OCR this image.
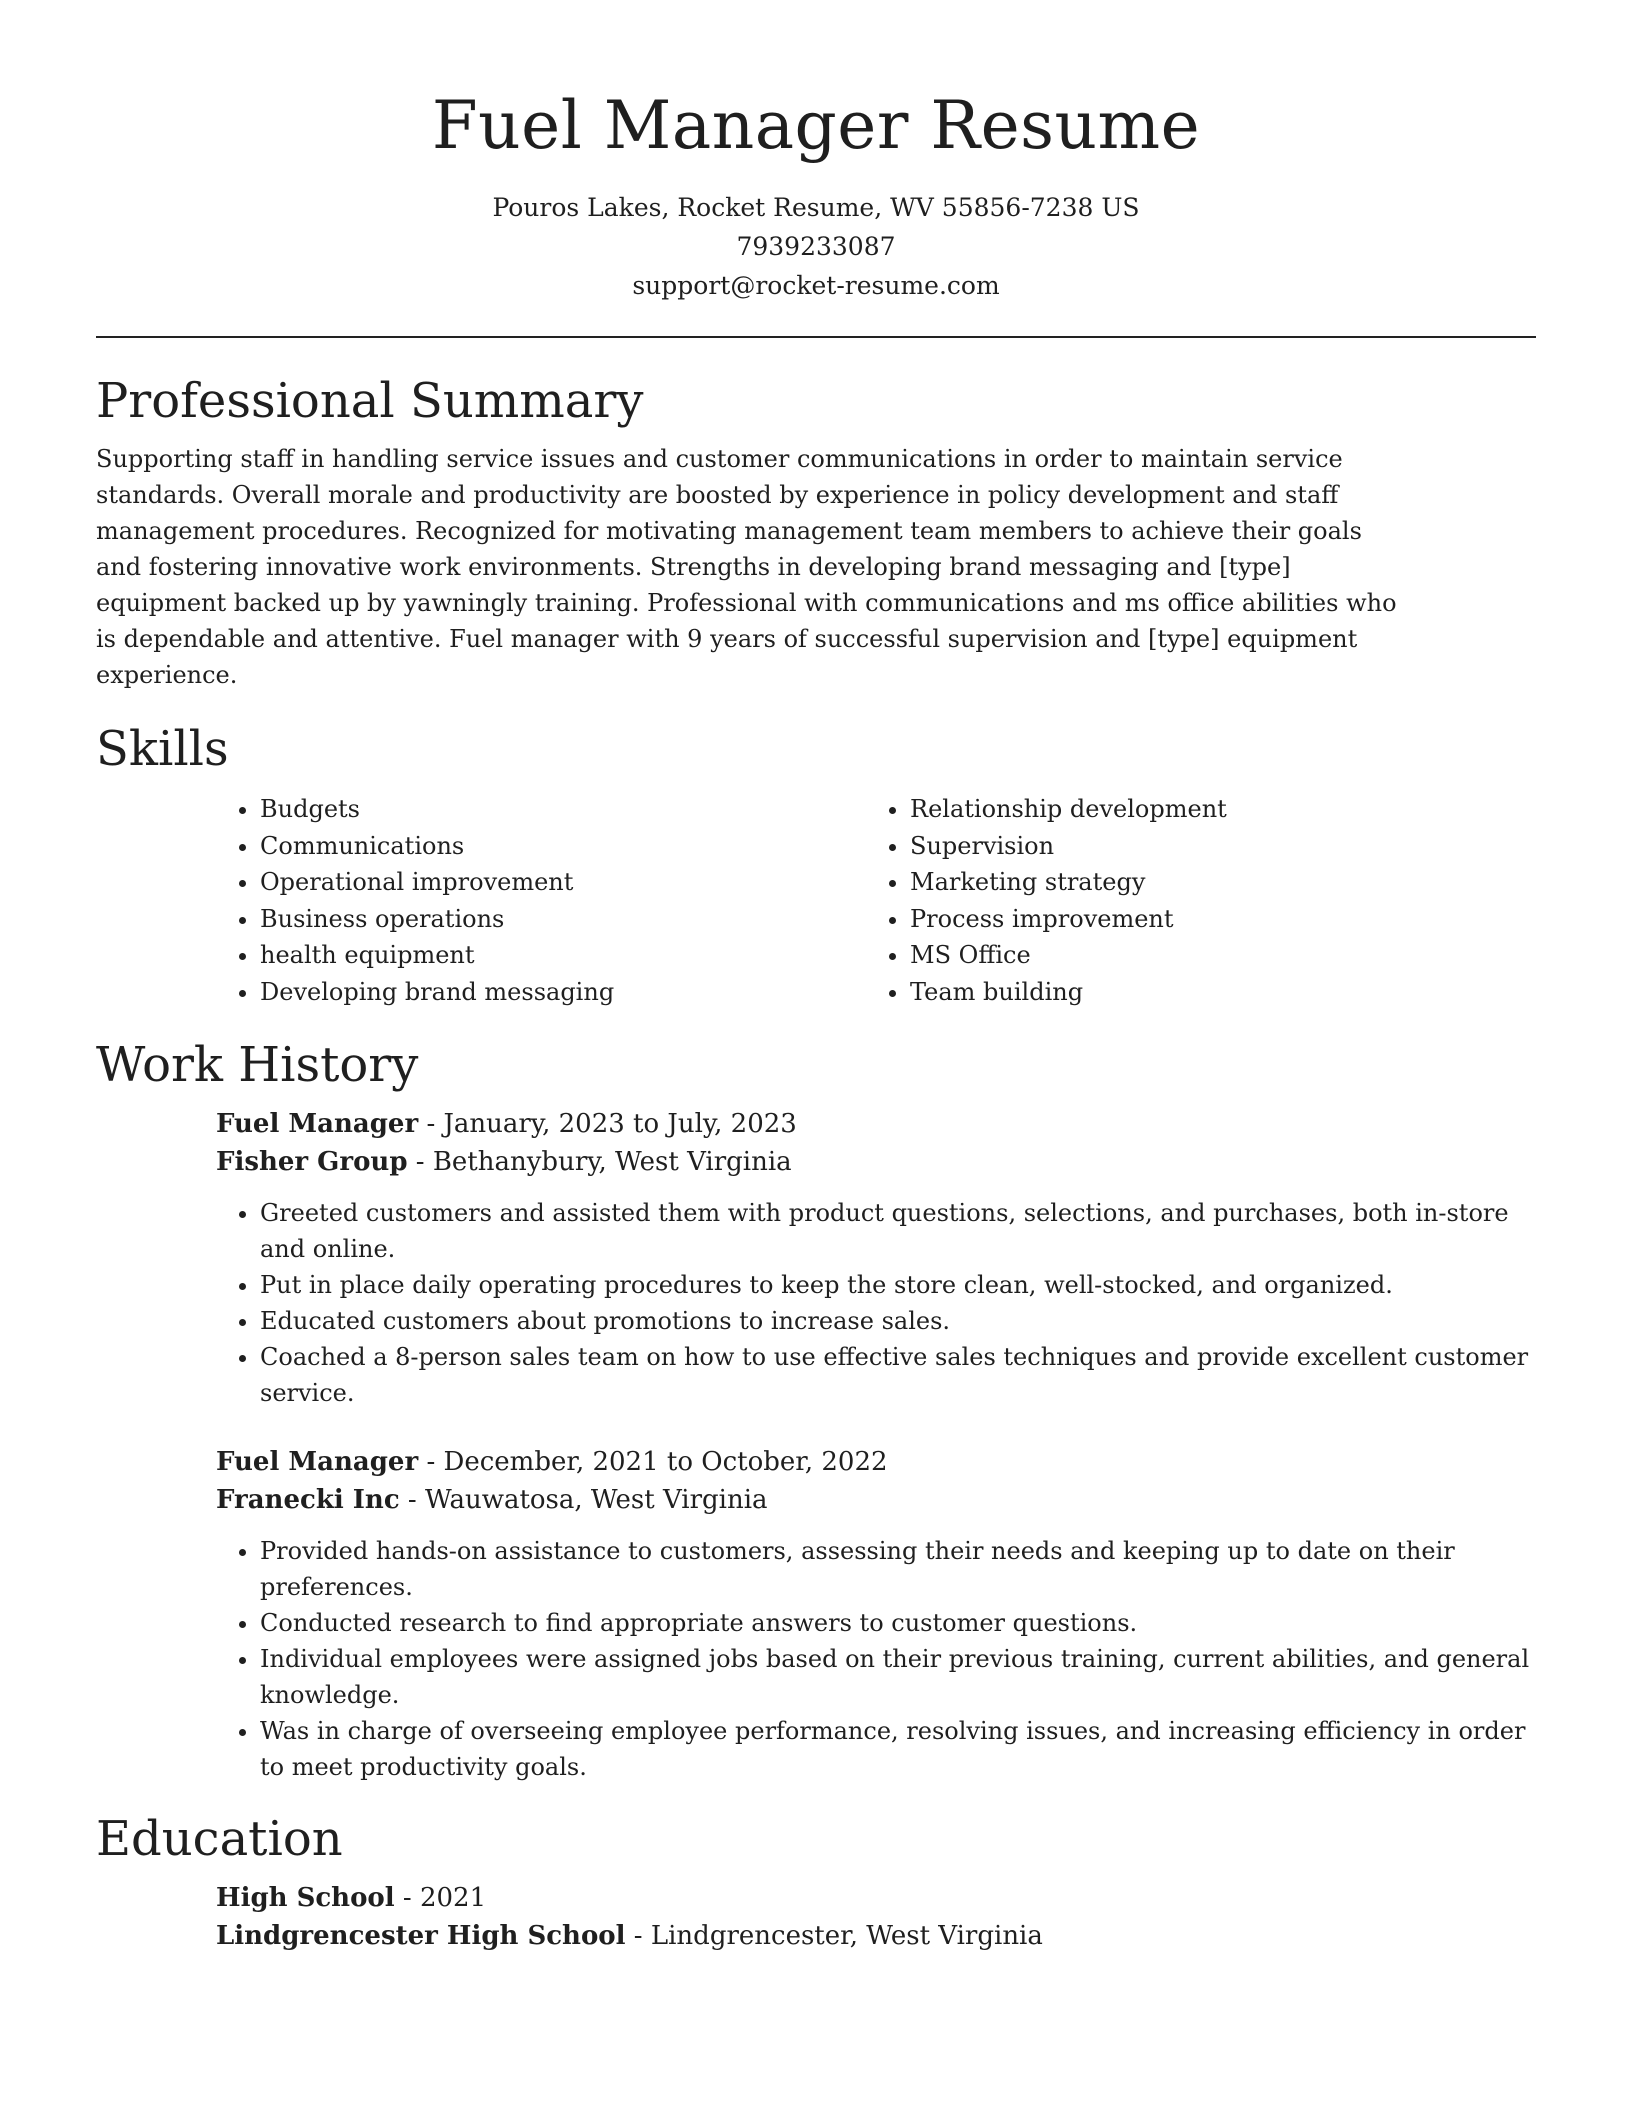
Fuel Manager Resume
Pouros Lakes, Rocket Resume, WV 55856-7238 US
7939233087
support@rocket-resume.com
Professional Summary

Supporting staff in handling service issues and customer communications in order to maintain service standards. Overall morale and productivity are boosted by experience in policy development and staff management procedures. Recognized for motivating management team members to achieve their goals and fostering innovative work environments. Strengths in developing brand messaging and [type] equipment backed up by yawningly training. Professional with communications and ms office abilities who is dependable and attentive. Fuel manager with 9 years of successful supervision and [type] equipment experience.

Skills
• Budgets
• Communications
• Operational improvement
• Business operations
• health equipment
• Developing brand messaging
• Relationship development
• Supervision
• Marketing strategy
• Process improvement
• MS Office
• Team building
Work History
Fuel Manager - January, 2023 to July, 2023
Fisher Group - Bethanybury, West Virginia
• Greeted customers and assisted them with product questions, selections, and purchases, both in-store and online.
• Put in place daily operating procedures to keep the store clean, well-stocked, and organized.
• Educated customers about promotions to increase sales.
• Coached a 8-person sales team on how to use effective sales techniques and provide excellent customer service.
Fuel Manager - December, 2021 to October, 2022
Franecki Inc - Wauwatosa, West Virginia
• Provided hands-on assistance to customers, assessing their needs and keeping up to date on their preferences.
• Conducted research to find appropriate answers to customer questions.
• Individual employees were assigned jobs based on their previous training, current abilities, and general knowledge.
• Was in charge of overseeing employee performance, resolving issues, and increasing efficiency in order to meet productivity goals.
Education
High School - 2021
Lindgrencester High School - Lindgrencester, West Virginia
